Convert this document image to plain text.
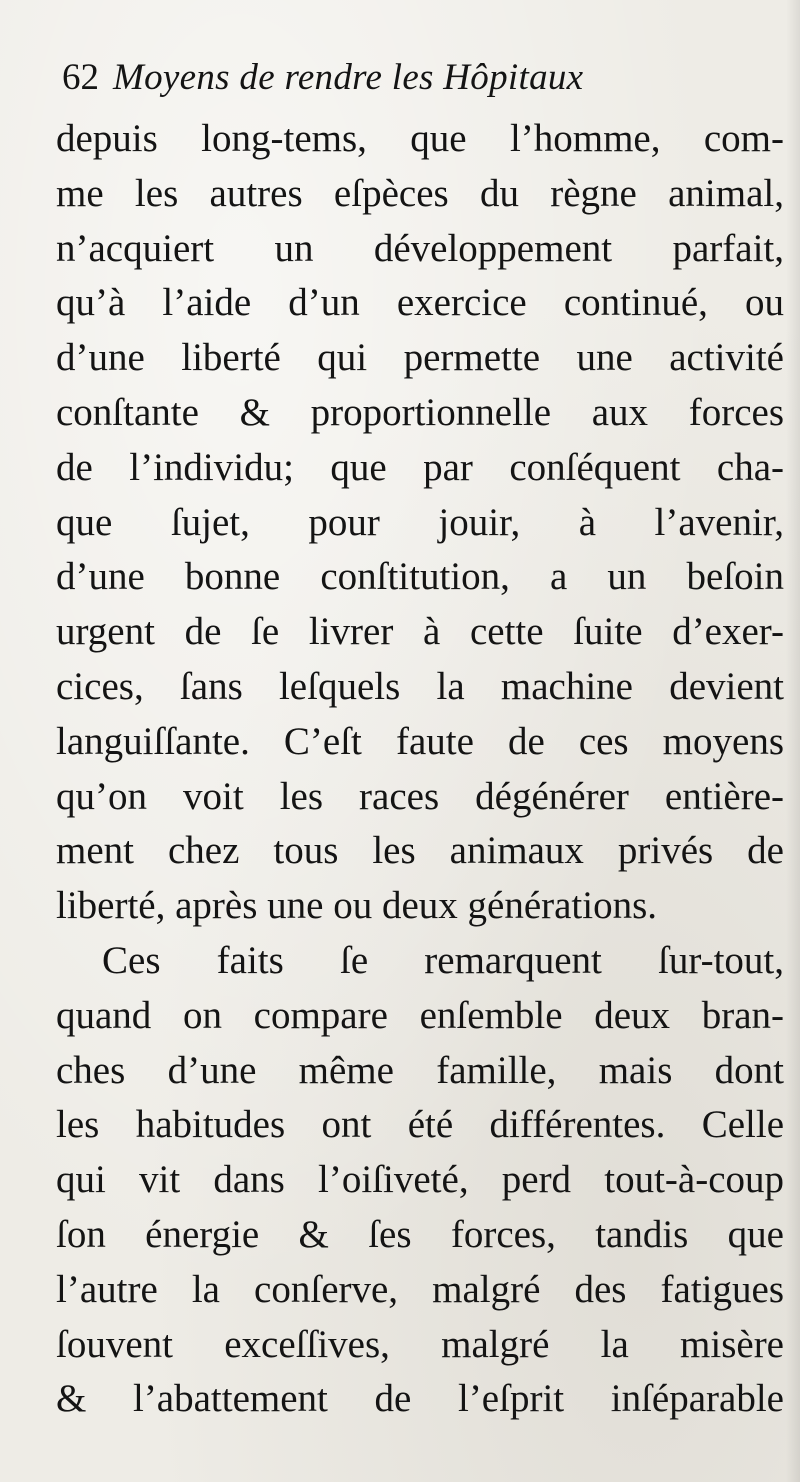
62 Moyens de rendre les Hôpitaux
depuis long-tems, que l’homme, com-
me les autres eſpèces du règne animal,
n’acquiert un développement parfait,
qu’à l’aide d’un exercice continué, ou
d’une liberté qui permette une activité
conſtante & proportionnelle aux forces
de l’individu; que par conſéquent cha-
que ſujet, pour jouir, à l’avenir,
d’une bonne conſtitution, a un beſoin
urgent de ſe livrer à cette ſuite d’exer-
cices, ſans leſquels la machine devient
languiſſante. C’eſt faute de ces moyens
qu’on voit les races dégénérer entière-
ment chez tous les animaux privés de
liberté, après une ou deux générations.
Ces faits ſe remarquent ſur-tout,
quand on compare enſemble deux bran-
ches d’une même famille, mais dont
les habitudes ont été différentes. Celle
qui vit dans l’oiſiveté, perd tout-à-coup
ſon énergie & ſes forces, tandis que
l’autre la conſerve, malgré des fatigues
ſouvent exceſſives, malgré la misère
& l’abattement de l’eſprit inſéparable
